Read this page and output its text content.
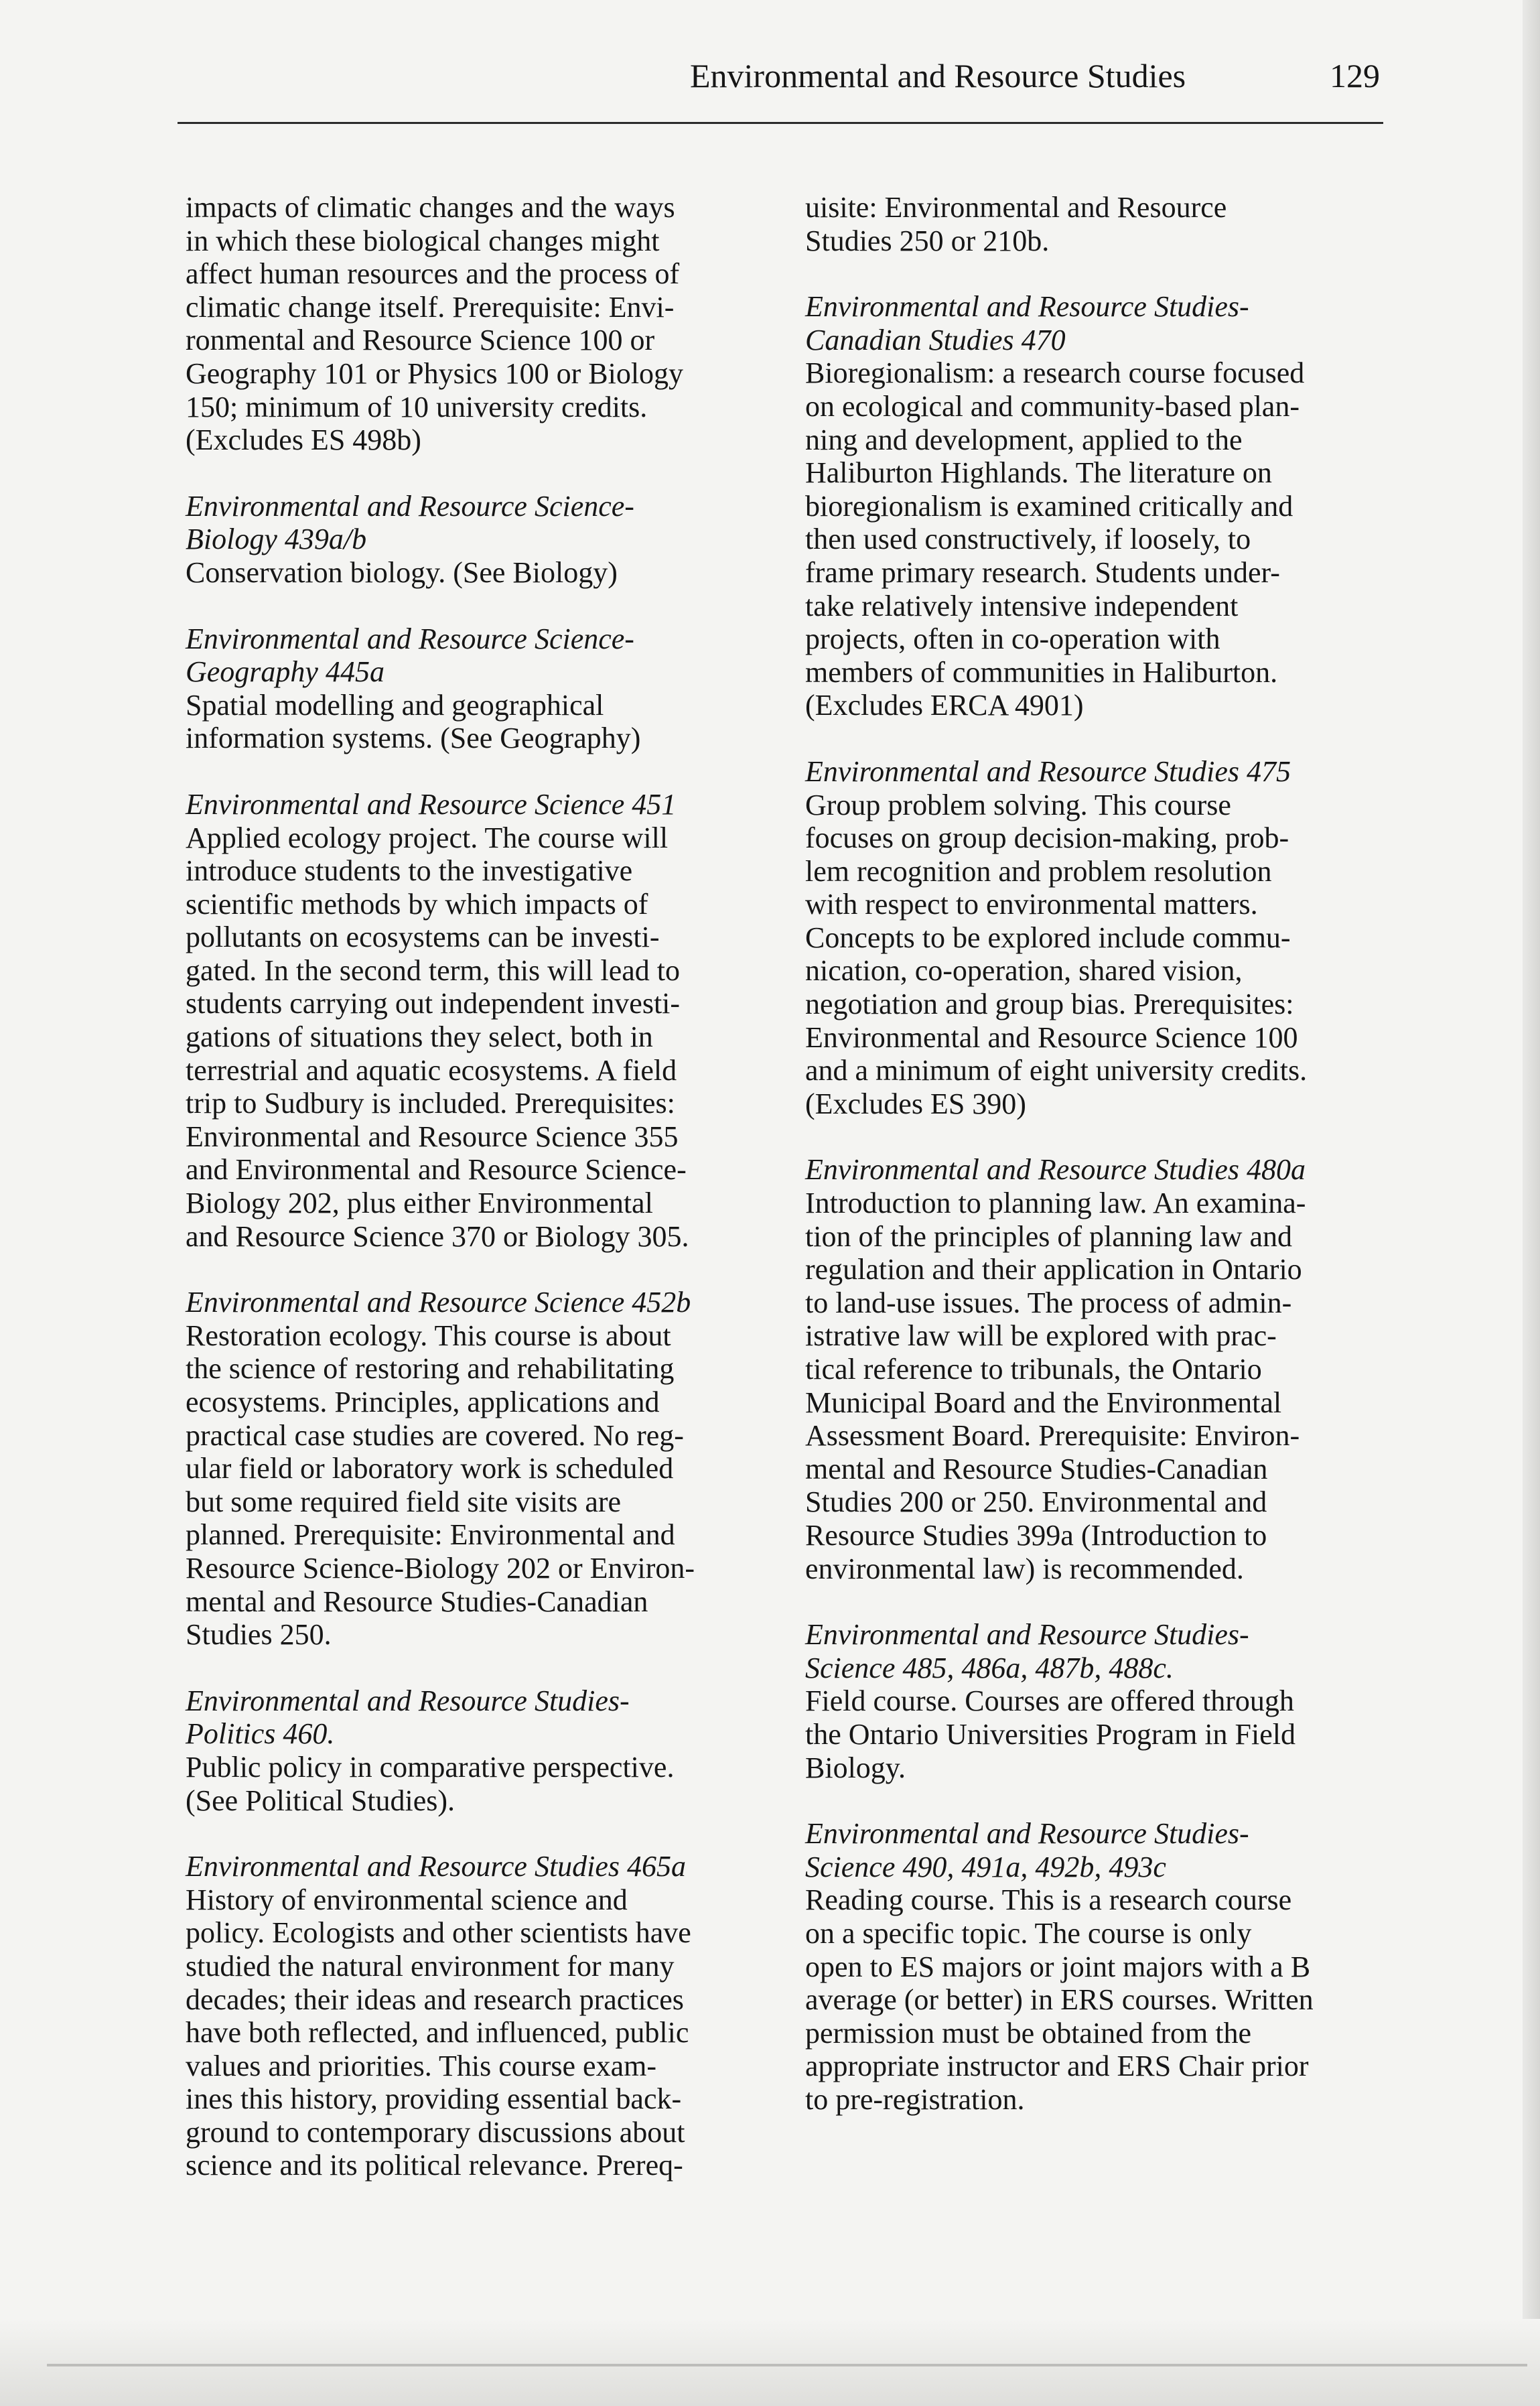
Environmental and Resource Studies	129
impacts of climatic changes and the ways
in which these biological changes might
affect human resources and the process of
climatic change itself. Prerequisite: Envi-
ronmental and Resource Science 100 or
Geography 101 or Physics 100 or Biology
150; minimum of 10 university credits.
(Excludes ES 498b)
Environmental and Resource Science-
Biology 439a/b
Conservation biology. (See Biology)
Environmental and Resource Science-
Geography 445a
Spatial modelling and geographical
information systems. (See Geography)
Environmental and Resource Science 451
Applied ecology project. The course will
introduce students to the investigative
scientific methods by which impacts of
pollutants on ecosystems can be investi-
gated. In the second term, this will lead to
students carrying out independent investi-
gations of situations they select, both in
terrestrial and aquatic ecosystems. A field
trip to Sudbury is included. Prerequisites:
Environmental and Resource Science 355
and Environmental and Resource Science-
Biology 202, plus either Environmental
and Resource Science 370 or Biology 305.
Environmental and Resource Science 452b
Restoration ecology. This course is about
the science of restoring and rehabilitating
ecosystems. Principles, applications and
practical case studies are covered. No reg-
ular field or laboratory work is scheduled
but some required field site visits are
planned. Prerequisite: Environmental and
Resource Science-Biology 202 or Environ-
mental and Resource Studies-Canadian
Studies 250.
Environmental and Resource Studies-
Politics 460.
Public policy in comparative perspective.
(See Political Studies).
Environmental and Resource Studies 465a
History of environmental science and
policy. Ecologists and other scientists have
studied the natural environment for many
decades; their ideas and research practices
have both reflected, and influenced, public
values and priorities. This course exam-
ines this history, providing essential back-
ground to contemporary discussions about
science and its political relevance. Prereq-
uisite: Environmental and Resource
Studies 250 or 210b.
Environmental and Resource Studies-
Canadian Studies 470
Bioregionalism: a research course focused
on ecological and community-based plan-
ning and development, applied to the
Haliburton Highlands. The literature on
bioregionalism is examined critically and
then used constructively, if loosely, to
frame primary research. Students under-
take relatively intensive independent
projects, often in co-operation with
members of communities in Haliburton.
(Excludes ERCA 4901)
Environmental and Resource Studies 475
Group problem solving. This course
focuses on group decision-making, prob-
lem recognition and problem resolution
with respect to environmental matters.
Concepts to be explored include commu-
nication, co-operation, shared vision,
negotiation and group bias. Prerequisites:
Environmental and Resource Science 100
and a minimum of eight university credits.
(Excludes ES 390)
Environmental and Resource Studies 480a
Introduction to planning law. An examina-
tion of the principles of planning law and
regulation and their application in Ontario
to land-use issues. The process of admin-
istrative law will be explored with prac-
tical reference to tribunals, the Ontario
Municipal Board and the Environmental
Assessment Board. Prerequisite: Environ-
mental and Resource Studies-Canadian
Studies 200 or 250. Environmental and
Resource Studies 399a (Introduction to
environmental law) is recommended.
Environmental and Resource Studies-
Science 485, 486a, 487b, 488c.
Field course. Courses are offered through
the Ontario Universities Program in Field
Biology.
Environmental and Resource Studies-
Science 490, 491a, 492b, 493c
Reading course. This is a research course
on a specific topic. The course is only
open to ES majors or joint majors with a B
average (or better) in ERS courses. Written
permission must be obtained from the
appropriate instructor and ERS Chair prior
to pre-registration.
